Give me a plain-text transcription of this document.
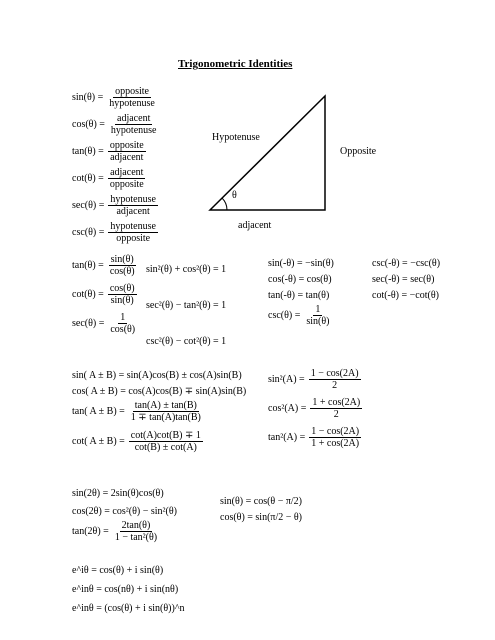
Trigonometric Identities
Hypotenuse
Opposite
adjacent
θ
$\sin(\theta) = \frac{\text{opposite}}{\text{hypotenuse}}$
$\cos(\theta) = \frac{\text{adjacent}}{\text{hypotenuse}}$
$\tan(\theta) = \frac{\text{opposite}}{\text{adjacent}}$
$\cot(\theta) = \frac{\text{adjacent}}{\text{opposite}}$
$\sec(\theta) = \frac{\text{hypotenuse}}{\text{adjacent}}$
$\csc(\theta) = \frac{\text{hypotenuse}}{\text{opposite}}$
$\tan(\theta) = \frac{\sin(\theta)}{\cos(\theta)}$
$\cot(\theta) = \frac{\cos(\theta)}{\sin(\theta)}$
$\sec(\theta) = \frac{1}{\cos(\theta)}$
sin²(θ) + cos²(θ) = 1
sec²(θ) − tan²(θ) = 1
csc²(θ) − cot²(θ) = 1
sin(-θ) = −sin(θ)
cos(-θ) = cos(θ)
tan(-θ) = tan(θ)
csc(-θ) = −csc(θ)
sec(-θ) = sec(θ)
cot(-θ) = −cot(θ)
$\csc(\theta) = \frac{1}{\sin(\theta)}$
sin( A ± B) = sin(A)cos(B) ± cos(A)sin(B)
cos( A ± B) = cos(A)cos(B) ∓ sin(A)sin(B)
tan( $A \pm B) = \frac{\tan(A) \pm \tan(B)}{1 \mp \tan(A)\tan(B)}$
cot( $A \pm B) = \frac{\cot(A)\cot(B) \mp 1}{\cot(B) \pm \cot(A)}$
$\sin^2(A) = \frac{1 - \cos(2A)}{2}$
$\cos^2(A) = \frac{1 + \cos(2A)}{2}$
$\tan^2(A) = \frac{1 - \cos(2A)}{1 + \cos(2A)}$
sin(2θ) = 2sin(θ)cos(θ)
cos(2θ) = cos²(θ) − sin²(θ)
$\tan(2\theta) = \frac{2\tan(\theta)}{\text{1 − tan²(θ)}}$
sin(θ) = cos(θ − π/2)
cos(θ) = sin(π/2 − θ)
e^iθ = cos(θ) + i sin(θ)
e^inθ = cos(nθ) + i sin(nθ)
e^inθ = (cos(θ) + i sin(θ))^n
